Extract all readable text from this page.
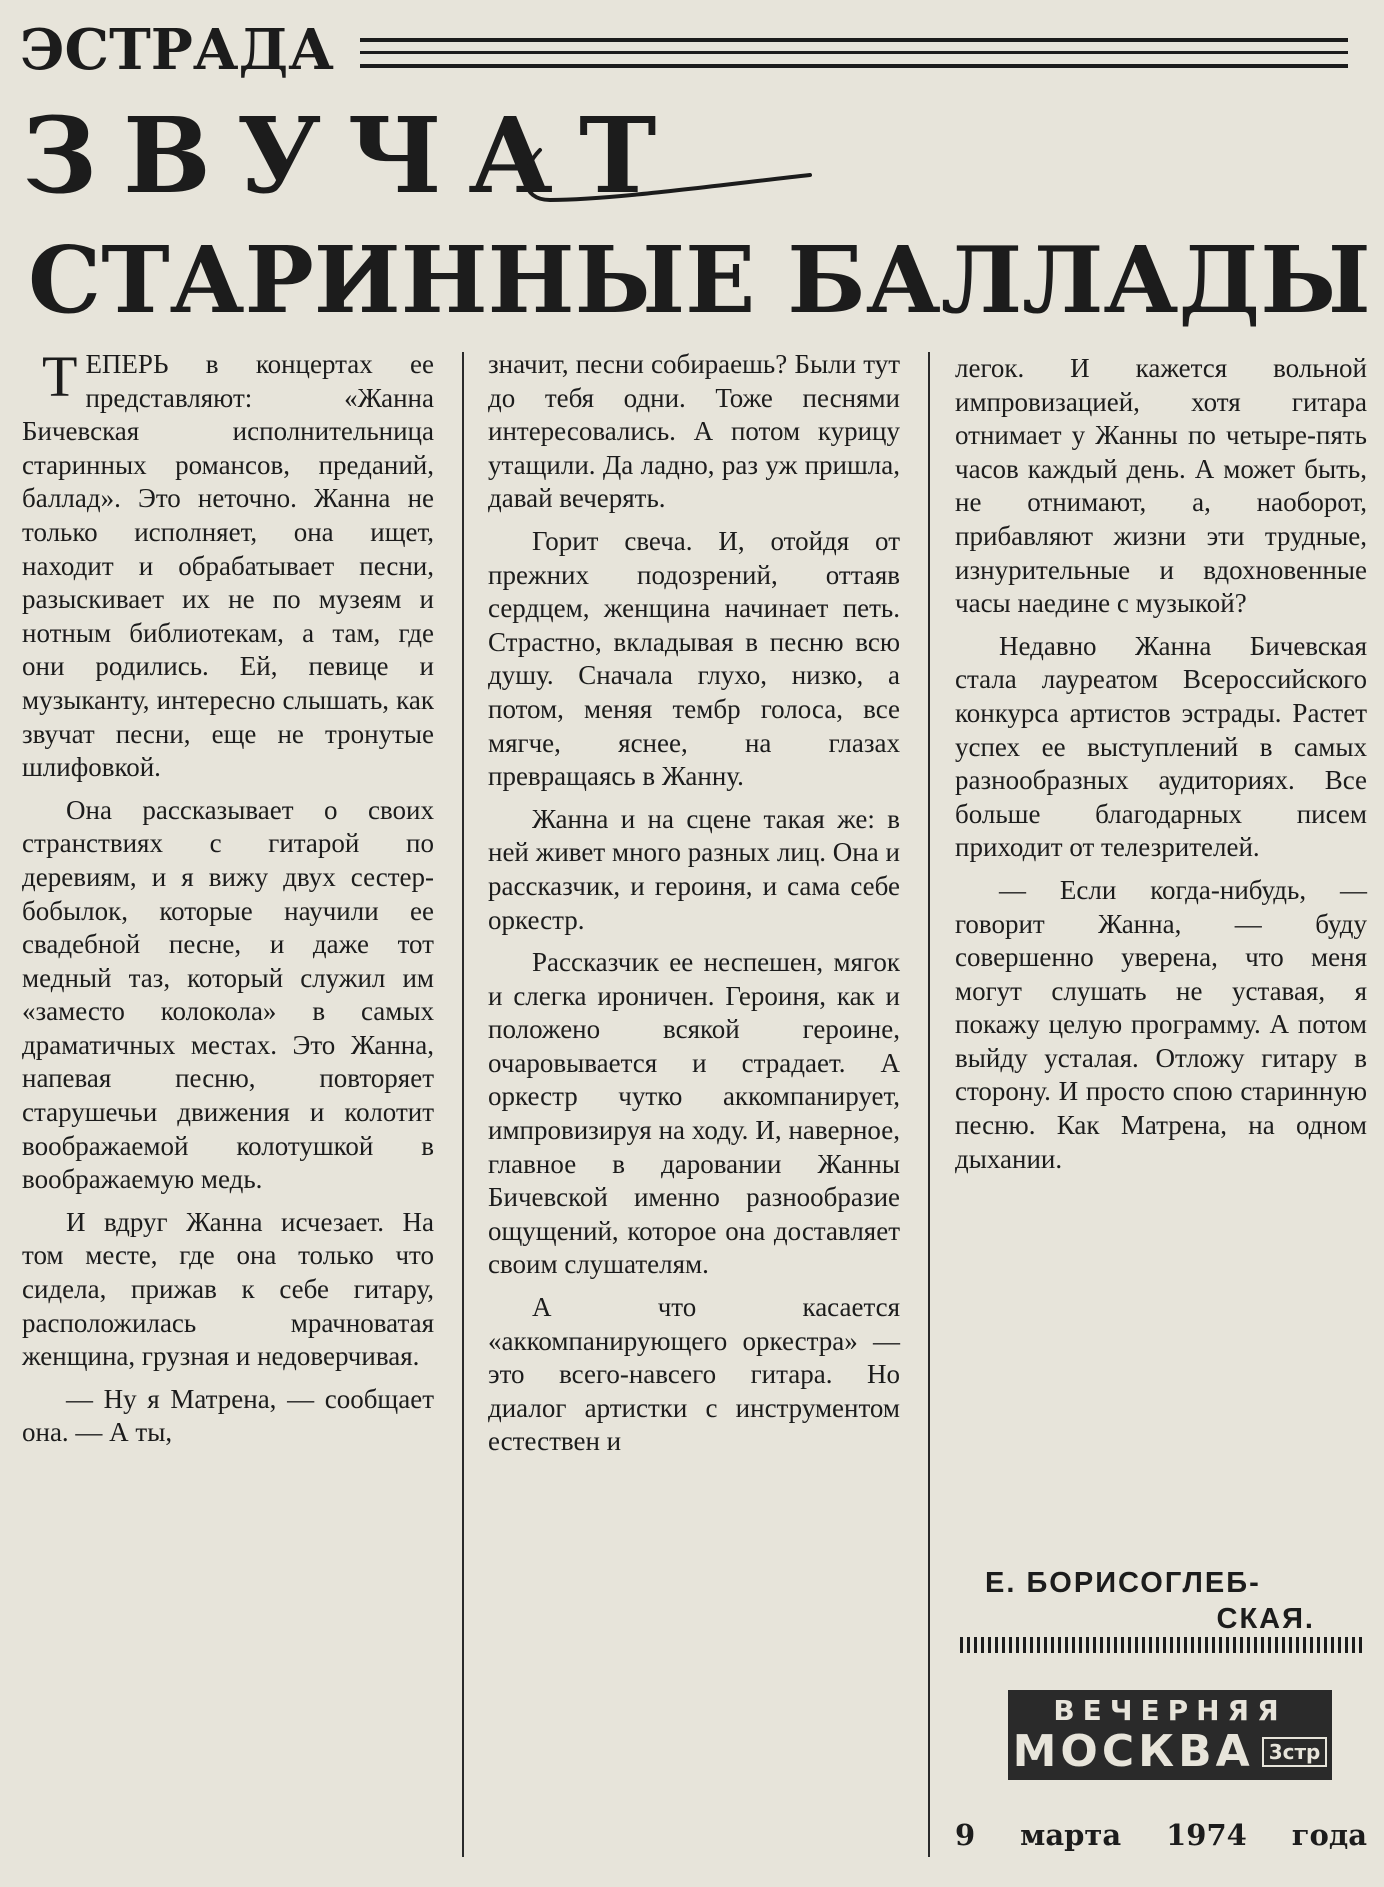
ЭСТРАДА
ЗВУЧАТ
СТАРИННЫЕ БАЛЛАДЫ

ТЕПЕРЬ в концертах ее представляют: «Жанна Бичевская исполнительница старинных романсов, преданий, баллад». Это неточно. Жанна не только исполняет, она ищет, находит и обрабатывает песни, разыскивает их не по музеям и нотным библиотекам, а там, где они родились. Ей, певице и музыканту, интересно слышать, как звучат песни, еще не тронутые шлифовкой.

Она рассказывает о своих странствиях с гитарой по деревиям, и я вижу двух сестер-бобылок, которые научили ее свадебной песне, и даже тот медный таз, который служил им «заместо колокола» в самых драматичных местах. Это Жанна, напевая песню, повторяет старушечьи движения и колотит воображаемой колотушкой в воображаемую медь.

И вдруг Жанна исчезает. На том месте, где она только что сидела, прижав к себе гитару, расположилась мрачноватая женщина, грузная и недоверчивая.

— Ну я Матрена, — сообщает она. — А ты,

значит, песни собираешь? Были тут до тебя одни. Тоже песнями интересовались. А потом курицу утащили. Да ладно, раз уж пришла, давай вечерять.

Горит свеча. И, отойдя от прежних подозрений, оттаяв сердцем, женщина начинает петь. Страстно, вкладывая в песню всю душу. Сначала глухо, низко, а потом, меняя тембр голоса, все мягче, яснее, на глазах превращаясь в Жанну.

Жанна и на сцене такая же: в ней живет много разных лиц. Она и рассказчик, и героиня, и сама себе оркестр.

Рассказчик ее неспешен, мягок и слегка ироничен. Героиня, как и положено всякой героине, очаровывается и страдает. А оркестр чутко аккомпанирует, импровизируя на ходу. И, наверное, главное в даровании Жанны Бичевской именно разнообразие ощущений, которое она доставляет своим слушателям.

А что касается «аккомпанирующего оркестра» — это всего-навсего гитара. Но диалог артистки с инструментом естествен и

легок. И кажется вольной импровизацией, хотя гитара отнимает у Жанны по четыре-пять часов каждый день. А может быть, не отнимают, а, наоборот, прибавляют жизни эти трудные, изнурительные и вдохновенные часы наедине с музыкой?

Недавно Жанна Бичевская стала лауреатом Всероссийского конкурса артистов эстрады. Растет успех ее выступлений в самых разнообразных аудиториях. Все больше благодарных писем приходит от телезрителей.

— Если когда-нибудь, — говорит Жанна, — буду совершенно уверена, что меня могут слушать не уставая, я покажу целую программу. А потом выйду усталая. Отложу гитару в сторону. И просто спою старинную песню. Как Матрена, на одном дыхании.

Е. БОРИСОГЛЕБ-
СКАЯ.
ВЕЧЕРНЯЯ
МОСКВА 3стр
9 марта 1974 года
